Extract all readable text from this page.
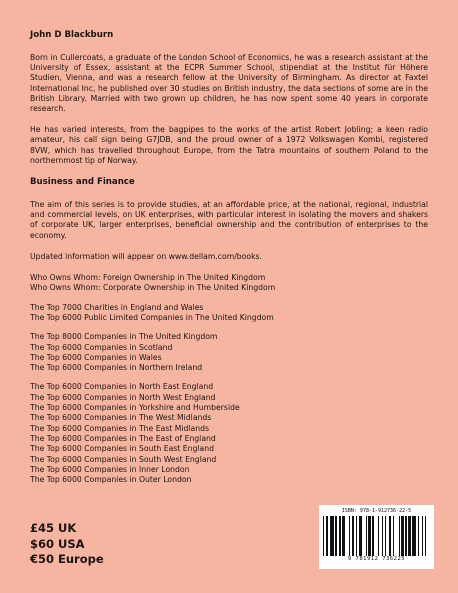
John D Blackburn

Born in Cullercoats, a graduate of the London School of Economics, he was a research assistant at the University of Essex, assistant at the ECPR Summer School, stipendiat at the Institut für Höhere Studien, Vienna, and was a research fellow at the University of Birmingham. As director at Faxtel International Inc, he published over 30 studies on British industry, the data sections of some are in the British Library. Married with two grown up children, he has now spent some 40 years in corporate research.

He has varied interests, from the bagpipes to the works of the artist Robert Jobling; a keen radio amateur, his call sign being G7JDB, and the proud owner of a 1972 Volkswagen Kombi, registered 8VW, which has travelled throughout Europe, from the Tatra mountains of southern Poland to the northernmost tip of Norway.

Business and Finance

The aim of this series is to provide studies, at an affordable price, at the national, regional, industrial and commercial levels, on UK enterprises, with particular interest in isolating the movers and shakers of corporate UK, larger enterprises, beneficial ownership and the contribution of enterprises to the economy.

Updated information will appear on www.dellam.com/books.

Who Owns Whom: Foreign Ownership in The United Kingdom
Who Owns Whom: Corporate Ownership in The United Kingdom
The Top 7000 Charities in England and Wales
The Top 6000 Public Limited Companies in The United Kingdom
The Top 8000 Companies in The United Kingdom
The Top 6000 Companies in Scotland
The Top 6000 Companies in Wales
The Top 6000 Companies in Northern Ireland
The Top 6000 Companies in North East England
The Top 6000 Companies in North West England
The Top 6000 Companies in Yorkshire and Humberside
The Top 6000 Companies in The West Midlands
The Top 6000 Companies in The East Midlands
The Top 6000 Companies in The East of England
The Top 6000 Companies in South East England
The Top 6000 Companies in South West England
The Top 6000 Companies in Inner London
The Top 6000 Companies in Outer London
£45 UK
$60 USA
€50 Europe
ISBN: 978-1-912736-22-5
9 781912 736225
